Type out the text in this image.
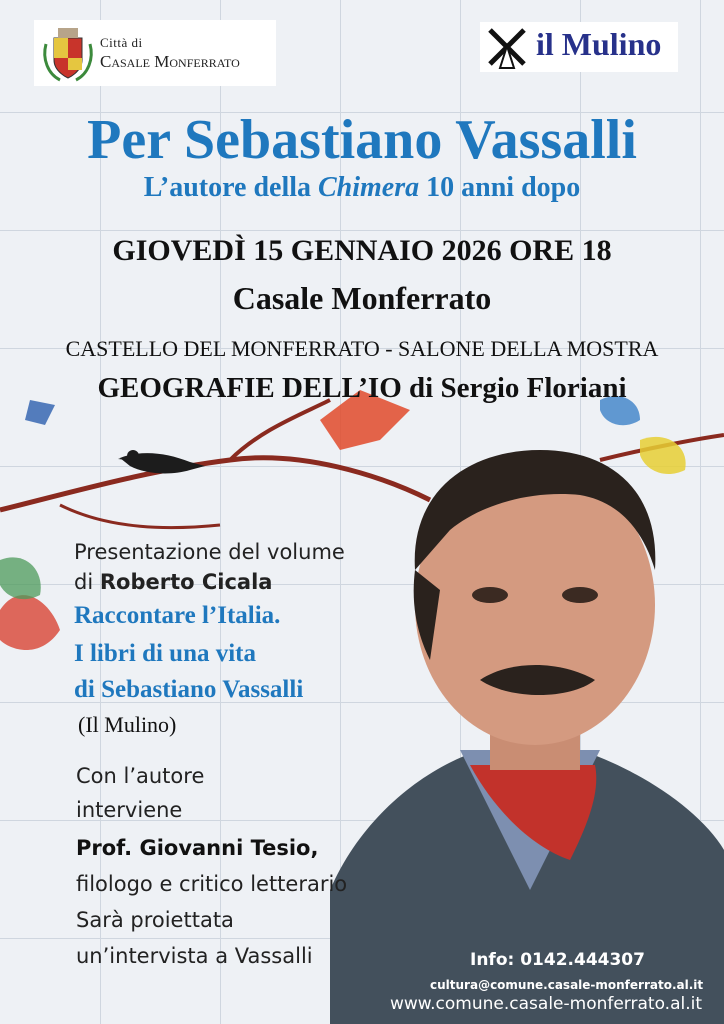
Città di
Casale Monferrato	il Mulino
Per Sebastiano Vassalli
L’autore della Chimera 10 anni dopo
GIOVEDÌ 15 GENNAIO 2026 ORE 18
Casale Monferrato
CASTELLO DEL MONFERRATO - SALONE DELLA MOSTRA
GEOGRAFIE DELL’IO di Sergio Floriani
Presentazione del volume
di Roberto Cicala
Raccontare l’Italia.
I libri di una vita
di Sebastiano Vassalli
(Il Mulino)
Con l’autore
interviene
Prof. Giovanni Tesio,
filologo e critico letterario
Sarà proiettata
un’intervista a Vassalli	Info: 0142.444307
cultura@comune.casale-monferrato.al.it
www.comune.casale-monferrato.al.it
